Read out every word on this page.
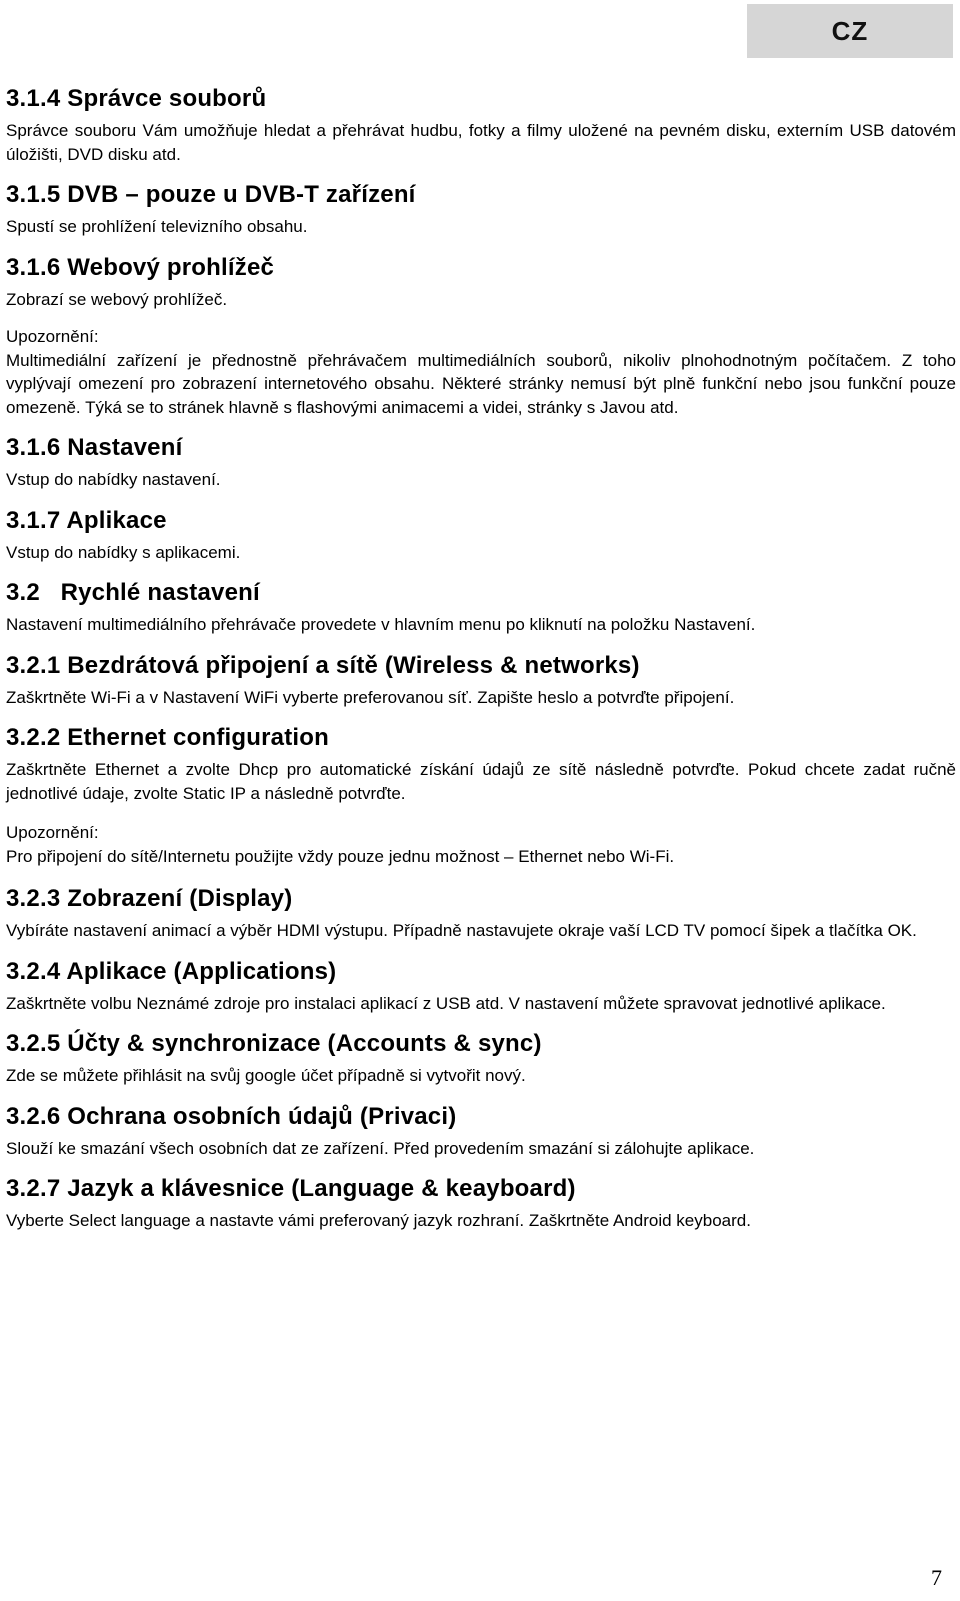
CZ
3.1.4 Správce souborů

Správce souboru Vám umožňuje hledat a přehrávat hudbu, fotky a filmy uložené na pevném disku, externím USB datovém úložišti, DVD disku atd.

3.1.5 DVB – pouze u DVB-T zařízení

Spustí se prohlížení televizního obsahu.

3.1.6 Webový prohlížeč

Zobrazí se webový prohlížeč.

Upozornění:

Multimediální zařízení je přednostně přehrávačem multimediálních souborů, nikoliv plnohodnotným počítačem. Z toho vyplývají omezení pro zobrazení internetového obsahu. Některé stránky nemusí být plně funkční nebo jsou funkční pouze omezeně. Týká se to stránek hlavně s flashovými animacemi a videi, stránky s Javou atd.

3.1.6 Nastavení

Vstup do nabídky nastavení.

3.1.7 Aplikace

Vstup do nabídky s aplikacemi.

3.2   Rychlé nastavení

Nastavení multimediálního přehrávače provedete v hlavním menu po kliknutí na položku Nastavení.

3.2.1 Bezdrátová připojení a sítě (Wireless & networks)

Zaškrtněte Wi-Fi a v Nastavení WiFi vyberte preferovanou síť. Zapište heslo a potvrďte připojení.

3.2.2 Ethernet configuration

Zaškrtněte Ethernet a zvolte Dhcp pro automatické získání údajů ze sítě následně potvrďte. Pokud chcete zadat ručně jednotlivé údaje, zvolte Static IP a následně potvrďte.

Upozornění:

Pro připojení do sítě/Internetu použijte vždy pouze jednu možnost – Ethernet nebo Wi-Fi.

3.2.3 Zobrazení (Display)

Vybíráte nastavení animací a výběr HDMI výstupu. Případně nastavujete okraje vaší LCD TV pomocí šipek a tlačítka OK.

3.2.4 Aplikace (Applications)

Zaškrtněte volbu Neznámé zdroje pro instalaci aplikací z USB atd. V nastavení můžete spravovat jednotlivé aplikace.

3.2.5 Účty & synchronizace (Accounts & sync)

Zde se můžete přihlásit na svůj google účet případně si vytvořit nový.

3.2.6 Ochrana osobních údajů (Privaci)

Slouží ke smazání všech osobních dat ze zařízení. Před provedením smazání si zálohujte aplikace.

3.2.7 Jazyk a klávesnice (Language & keayboard)

Vyberte Select language a nastavte vámi preferovaný jazyk rozhraní. Zaškrtněte Android keyboard.

7
